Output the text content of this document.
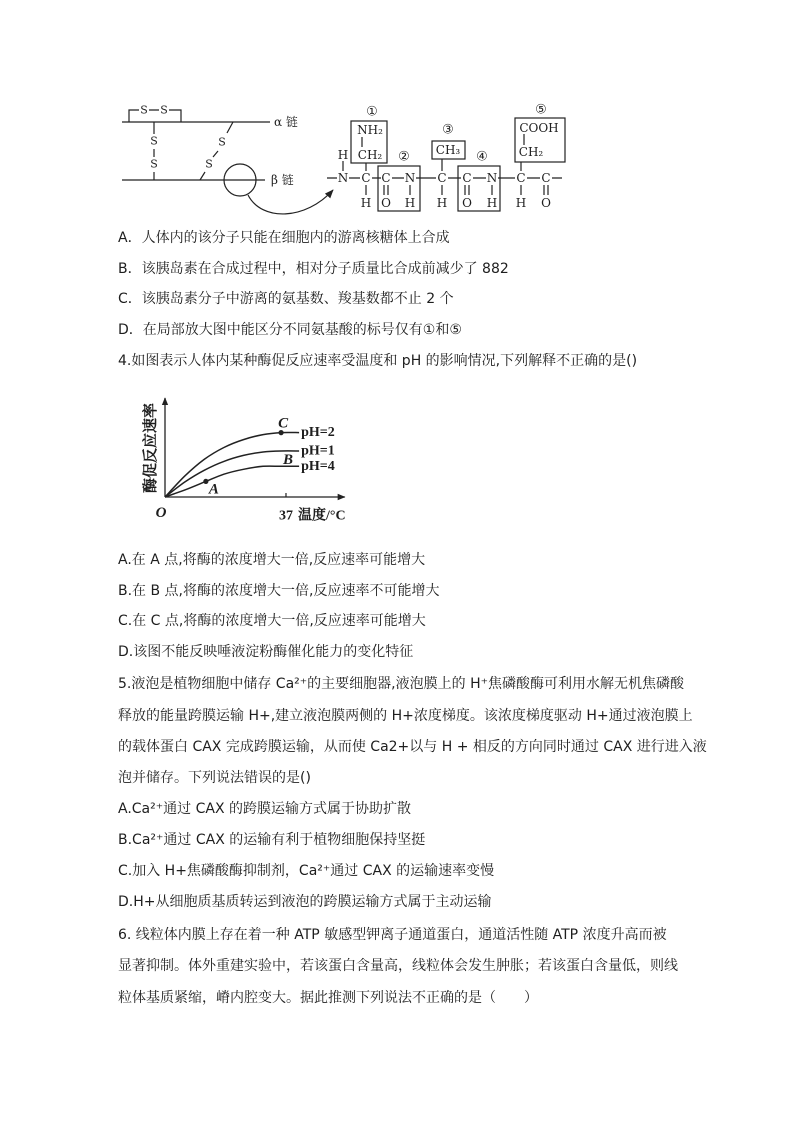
S S
S
S
S
S
α 链
β 链
①
②
③
④
⑤
NH₂
CH₂	CH₃
COOH
CH₂
H
N C
H
C N
O H
C
H
C N
O H
C
H
C
O
A．人体内的该分子只能在细胞内的游离核糖体上合成
B．该胰岛素在合成过程中，相对分子质量比合成前减少了 882
C．该胰岛素分子中游离的氨基数、羧基数都不止 2 个
D．在局部放大图中能区分不同氨基酸的标号仅有①和⑤
4.如图表示人体内某种酶促反应速率受温度和 pH 的影响情况,下列解释不正确的是()
酶促反应速率
温度/°C
O	37
pH=2
pH=1
pH=4
A
B
C
A.在 A 点,将酶的浓度增大一倍,反应速率可能增大
B.在 B 点,将酶的浓度增大一倍,反应速率不可能增大
C.在 C 点,将酶的浓度增大一倍,反应速率可能增大
D.该图不能反映唾液淀粉酶催化能力的变化特征
5.液泡是植物细胞中储存 Ca²⁺的主要细胞器,液泡膜上的 H⁺焦磷酸酶可利用水解无机焦磷酸
释放的能量跨膜运输 H+,建立液泡膜两侧的 H+浓度梯度。该浓度梯度驱动 H+通过液泡膜上
的载体蛋白 CAX 完成跨膜运输，从而使 Ca2+以与 H + 相反的方向同时通过 CAX 进行进入液
泡并储存。下列说法错误的是()
A.Ca²⁺通过 CAX 的跨膜运输方式属于协助扩散
B.Ca²⁺通过 CAX 的运输有利于植物细胞保持坚挺
C.加入 H+焦磷酸酶抑制剂，Ca²⁺通过 CAX 的运输速率变慢
D.H+从细胞质基质转运到液泡的跨膜运输方式属于主动运输
6. 线粒体内膜上存在着一种 ATP 敏感型钾离子通道蛋白，通道活性随 ATP 浓度升高而被
显著抑制。体外重建实验中，若该蛋白含量高，线粒体会发生肿胀；若该蛋白含量低，则线
粒体基质紧缩，嵴内腔变大。据此推测下列说法不正确的是（　　）
